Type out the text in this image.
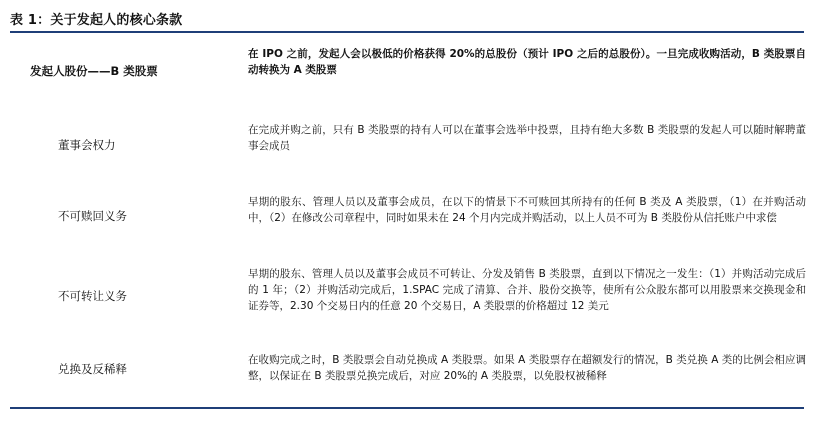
表 1：关于发起人的核心条款
发起人股份——B 类股票
在 IPO 之前，发起人会以极低的价格获得 20%的总股份（预计 IPO 之后的总股份）。一旦完成收购活动，B 类股票自动转换为 A 类股票
董事会权力
在完成并购之前，只有 B 类股票的持有人可以在董事会选举中投票，且持有绝大多数 B 类股票的发起人可以随时解聘董事会成员
不可赎回义务
早期的股东、管理人员以及董事会成员，在以下的情景下不可赎回其所持有的任何 B 类及 A 类股票，（1）在并购活动中，（2）在修改公司章程中，同时如果未在 24 个月内完成并购活动，以上人员不可为 B 类股份从信托账户中求偿
不可转让义务
早期的股东、管理人员以及董事会成员不可转让、分发及销售 B 类股票，直到以下情况之一发生：（1）并购活动完成后的 1 年；（2）并购活动完成后，1.SPAC 完成了清算、合并、股份交换等，使所有公众股东都可以用股票来交换现金和证券等，2.30 个交易日内的任意 20 个交易日，A 类股票的价格超过 12 美元
兑换及反稀释
在收购完成之时，B 类股票会自动兑换成 A 类股票。如果 A 类股票存在超额发行的情况，B 类兑换 A 类的比例会相应调整，以保证在 B 类股票兑换完成后，对应 20%的 A 类股票，以免股权被稀释
